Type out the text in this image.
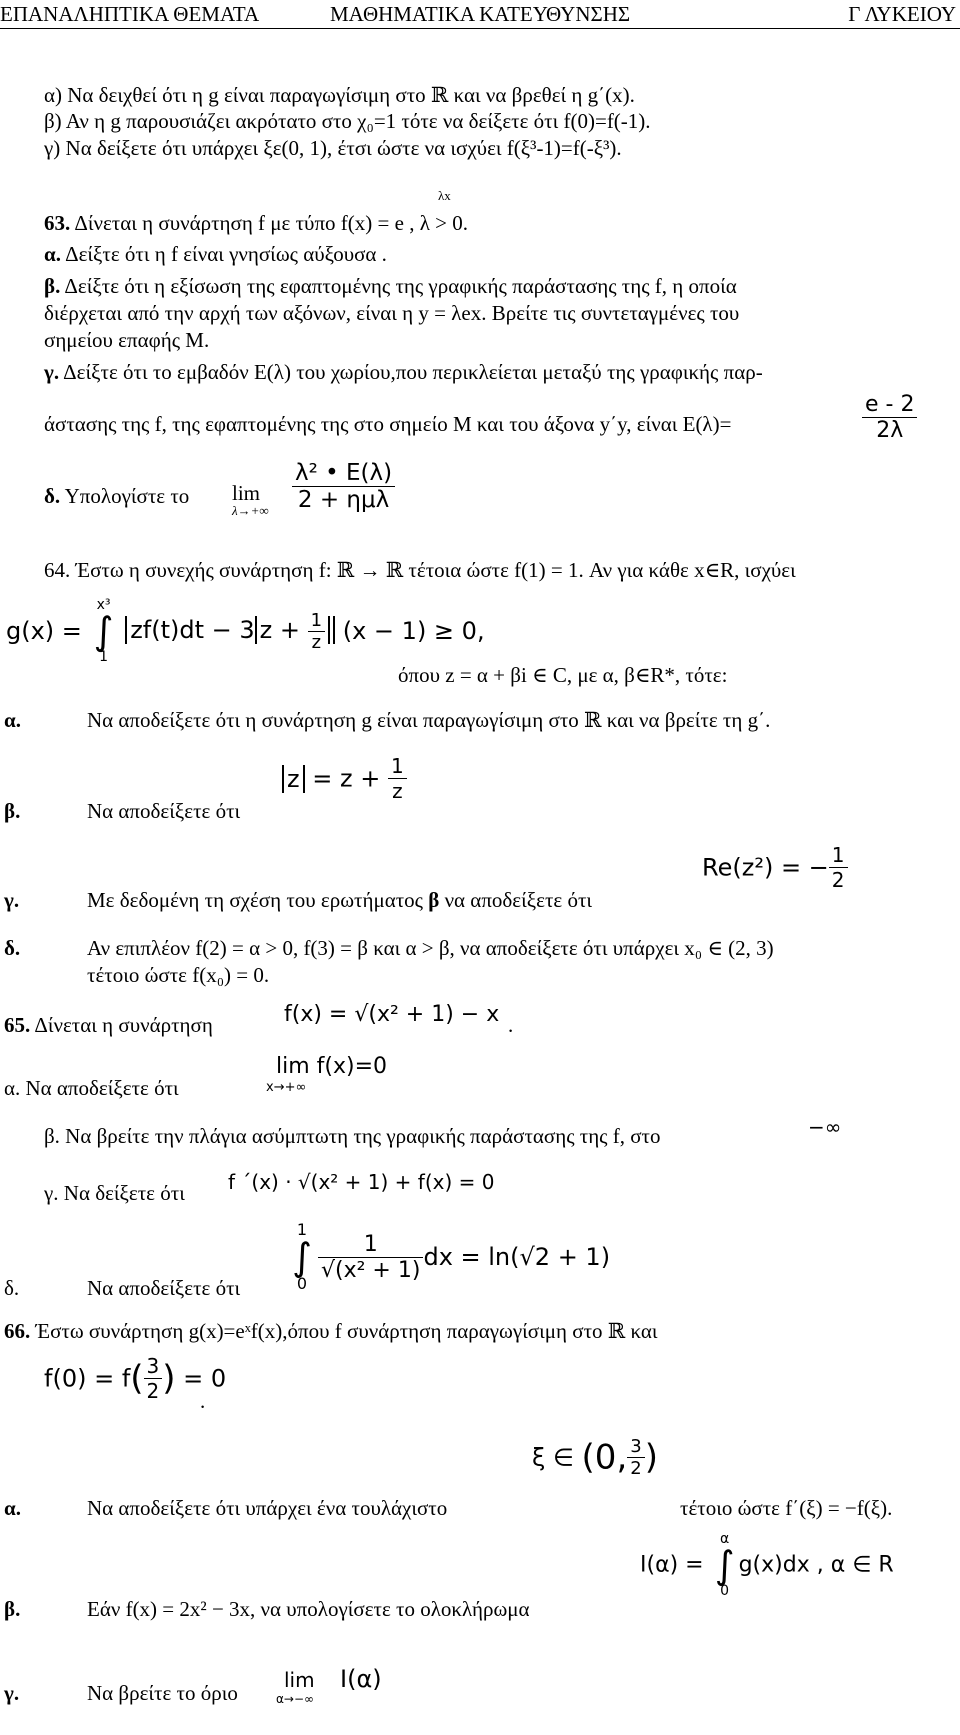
ΕΠΑΝΑΛΗΠΤΙΚΑ ΘΕΜΑΤΑ	ΜΑΘΗΜΑΤΙΚΑ ΚΑΤΕΥΘΥΝΣΗΣ	Γ ΛΥΚΕΙΟΥ
α) Να δειχθεί ότι η g είναι παραγωγίσιμη στο ℝ και να βρεθεί η g΄(x).
β) Αν η g παρουσιάζει ακρότατο στο χ₀=1 τότε να δείξετε ότι f(0)=f(-1).
γ) Να δείξετε ότι υπάρχει ξε(0, 1), έτσι ώστε να ισχύει f(ξ³-1)=f(-ξ³).
λx
63. Δίνεται η συνάρτηση f με τύπο f(x) = e , λ > 0.
α. Δείξτε ότι η f είναι γνησίως αύξουσα .
β. Δείξτε ότι η εξίσωση της εφαπτομένης της γραφικής παράστασης της f, η οποία
διέρχεται από την αρχή των αξόνων, είναι η y = λex. Βρείτε τις συντεταγμένες του
σημείου επαφής Μ.
γ. Δείξτε ότι το εμβαδόν Ε(λ) του χωρίου,που περικλείεται μεταξύ της γραφικής παρ-
άστασης της f, της εφαπτομένης της στο σημείο Μ και του άξονα y΄y, είναι Ε(λ)=	$\frac{e - 2}{2\lambda}$
δ. Υπολογίστε το lim
$\lambda\to+\infty \frac{\text{λ² • Ε(λ)}}{\text{2 + ημλ}}$
64. Έστω η συνεχής συνάρτηση f: ℝ → ℝ τέτοια ώστε f(1) = 1. Αν για κάθε x∈R, ισχύει
g(x) =
x³
∫
1
zf(t)dt − 3 $z + \frac{1}{z} (x - 1) \ge 0$,
όπου z = α + βi ∈ C, με α, β∈R*, τότε:
α.	Να αποδείξετε ότι η συνάρτηση g είναι παραγωγίσιμη στο ℝ και να βρείτε τη g΄.
β.	Να αποδείξετε ότι
$z = z + \frac{1}{z}$
γ.	Με δεδομένη τη σχέση του ερωτήματος β να αποδείξετε ότι
Re(z²) = − $\frac{1}{2}$
δ.	Αν επιπλέον f(2) = α > 0, f(3) = β και α > β, να αποδείξετε ότι υπάρχει x₀ ∈ (2, 3)
τέτοιο ώστε f(x₀) = 0.
65. Δίνεται η συνάρτηση	f(x) = √(x² + 1) − x .
α. Να αποδείξετε ότι
lim f(x)=0
x→+∞
β. Να βρείτε την πλάγια ασύμπτωτη της γραφικής παράστασης της f, στο	−∞
γ. Να δείξετε ότι f ΄(x) · √(x² + 1) + f(x) = 0
δ.	Να αποδείξετε ότι
1
∫
0
$\frac{1}{\text{√(x² + 1)}}$ dx = ln(√2 + 1)
66. Έστω συνάρτηση g(x)=eˣf(x),όπου f συνάρτηση παραγωγίσιμη στο ℝ και
$f(0) = f( \frac{3}{2}$ ) = 0
.
ξ ∈ (0, $\frac{3}{2}$ )
α.	Να αποδείξετε ότι υπάρχει ένα τουλάχιστο	τέτοιο ώστε f΄(ξ) = −f(ξ).
I(α) =
α
∫
0
g(x)dx , α ∈ R
β.	Εάν f(x) = 2x² − 3x, να υπολογίσετε το ολοκλήρωμα
γ.	Να βρείτε το όριο
lim
α→−∞
I(α)
